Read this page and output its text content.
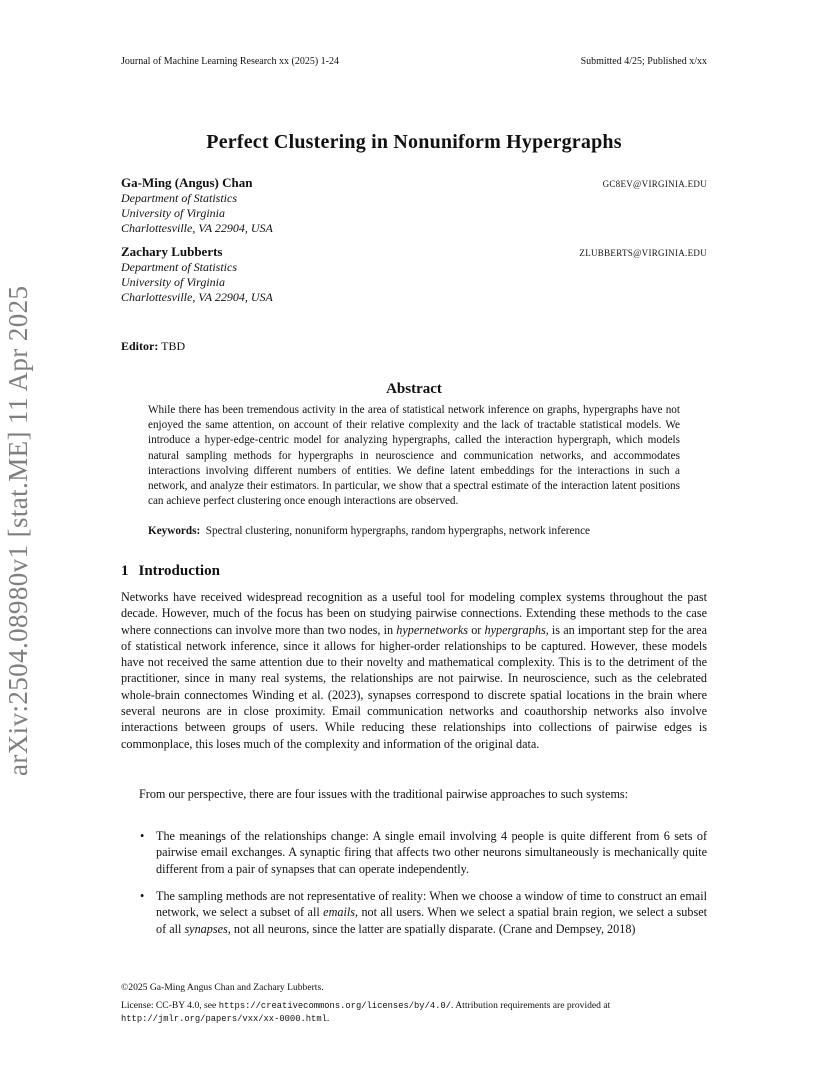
Journal of Machine Learning Research xx (2025) 1-24	Submitted 4/25; Published x/xx
arXiv:2504.08980v1 [stat.ME] 11 Apr 2025
Perfect Clustering in Nonuniform Hypergraphs
Ga-Ming (Angus) Chan
Department of Statistics
University of Virginia
Charlottesville, VA 22904, USA
GC8EV@VIRGINIA.EDU
Zachary Lubberts
Department of Statistics
University of Virginia
Charlottesville, VA 22904, USA
ZLUBBERTS@VIRGINIA.EDU
Editor: TBD
Abstract
While there has been tremendous activity in the area of statistical network inference on graphs, hypergraphs have not enjoyed the same attention, on account of their relative complexity and the lack of tractable statistical models. We introduce a hyper-edge-centric model for analyzing hypergraphs, called the interaction hypergraph, which models natural sampling methods for hypergraphs in neuroscience and communication networks, and accommodates interactions involving different numbers of entities. We define latent embeddings for the interactions in such a network, and analyze their estimators. In particular, we show that a spectral estimate of the interaction latent positions can achieve perfect clustering once enough interactions are observed.
Keywords: Spectral clustering, nonuniform hypergraphs, random hypergraphs, network inference
1 Introduction
Networks have received widespread recognition as a useful tool for modeling complex systems throughout the past decade. However, much of the focus has been on studying pairwise connections. Extending these methods to the case where connections can involve more than two nodes, in hypernetworks or hypergraphs, is an important step for the area of statistical network inference, since it allows for higher-order relationships to be captured. However, these models have not received the same attention due to their novelty and mathematical complexity. This is to the detriment of the practitioner, since in many real systems, the relationships are not pairwise. In neuroscience, such as the celebrated whole-brain connectomes Winding et al. (2023), synapses correspond to discrete spatial locations in the brain where several neurons are in close proximity. Email communication networks and coauthorship networks also involve interactions between groups of users. While reducing these relationships into collections of pairwise edges is commonplace, this loses much of the complexity and information of the original data.
From our perspective, there are four issues with the traditional pairwise approaches to such systems:
• The meanings of the relationships change: A single email involving 4 people is quite different from 6 sets of pairwise email exchanges. A synaptic firing that affects two other neurons simultaneously is mechanically quite different from a pair of synapses that can operate independently.
• The sampling methods are not representative of reality: When we choose a window of time to construct an email network, we select a subset of all emails, not all users. When we select a spatial brain region, we select a subset of all synapses, not all neurons, since the latter are spatially disparate. (Crane and Dempsey, 2018)
©2025 Ga-Ming Angus Chan and Zachary Lubberts.
License: CC-BY 4.0, see https://creativecommons.org/licenses/by/4.0/. Attribution requirements are provided at
http://jmlr.org/papers/vxx/xx-0000.html.
